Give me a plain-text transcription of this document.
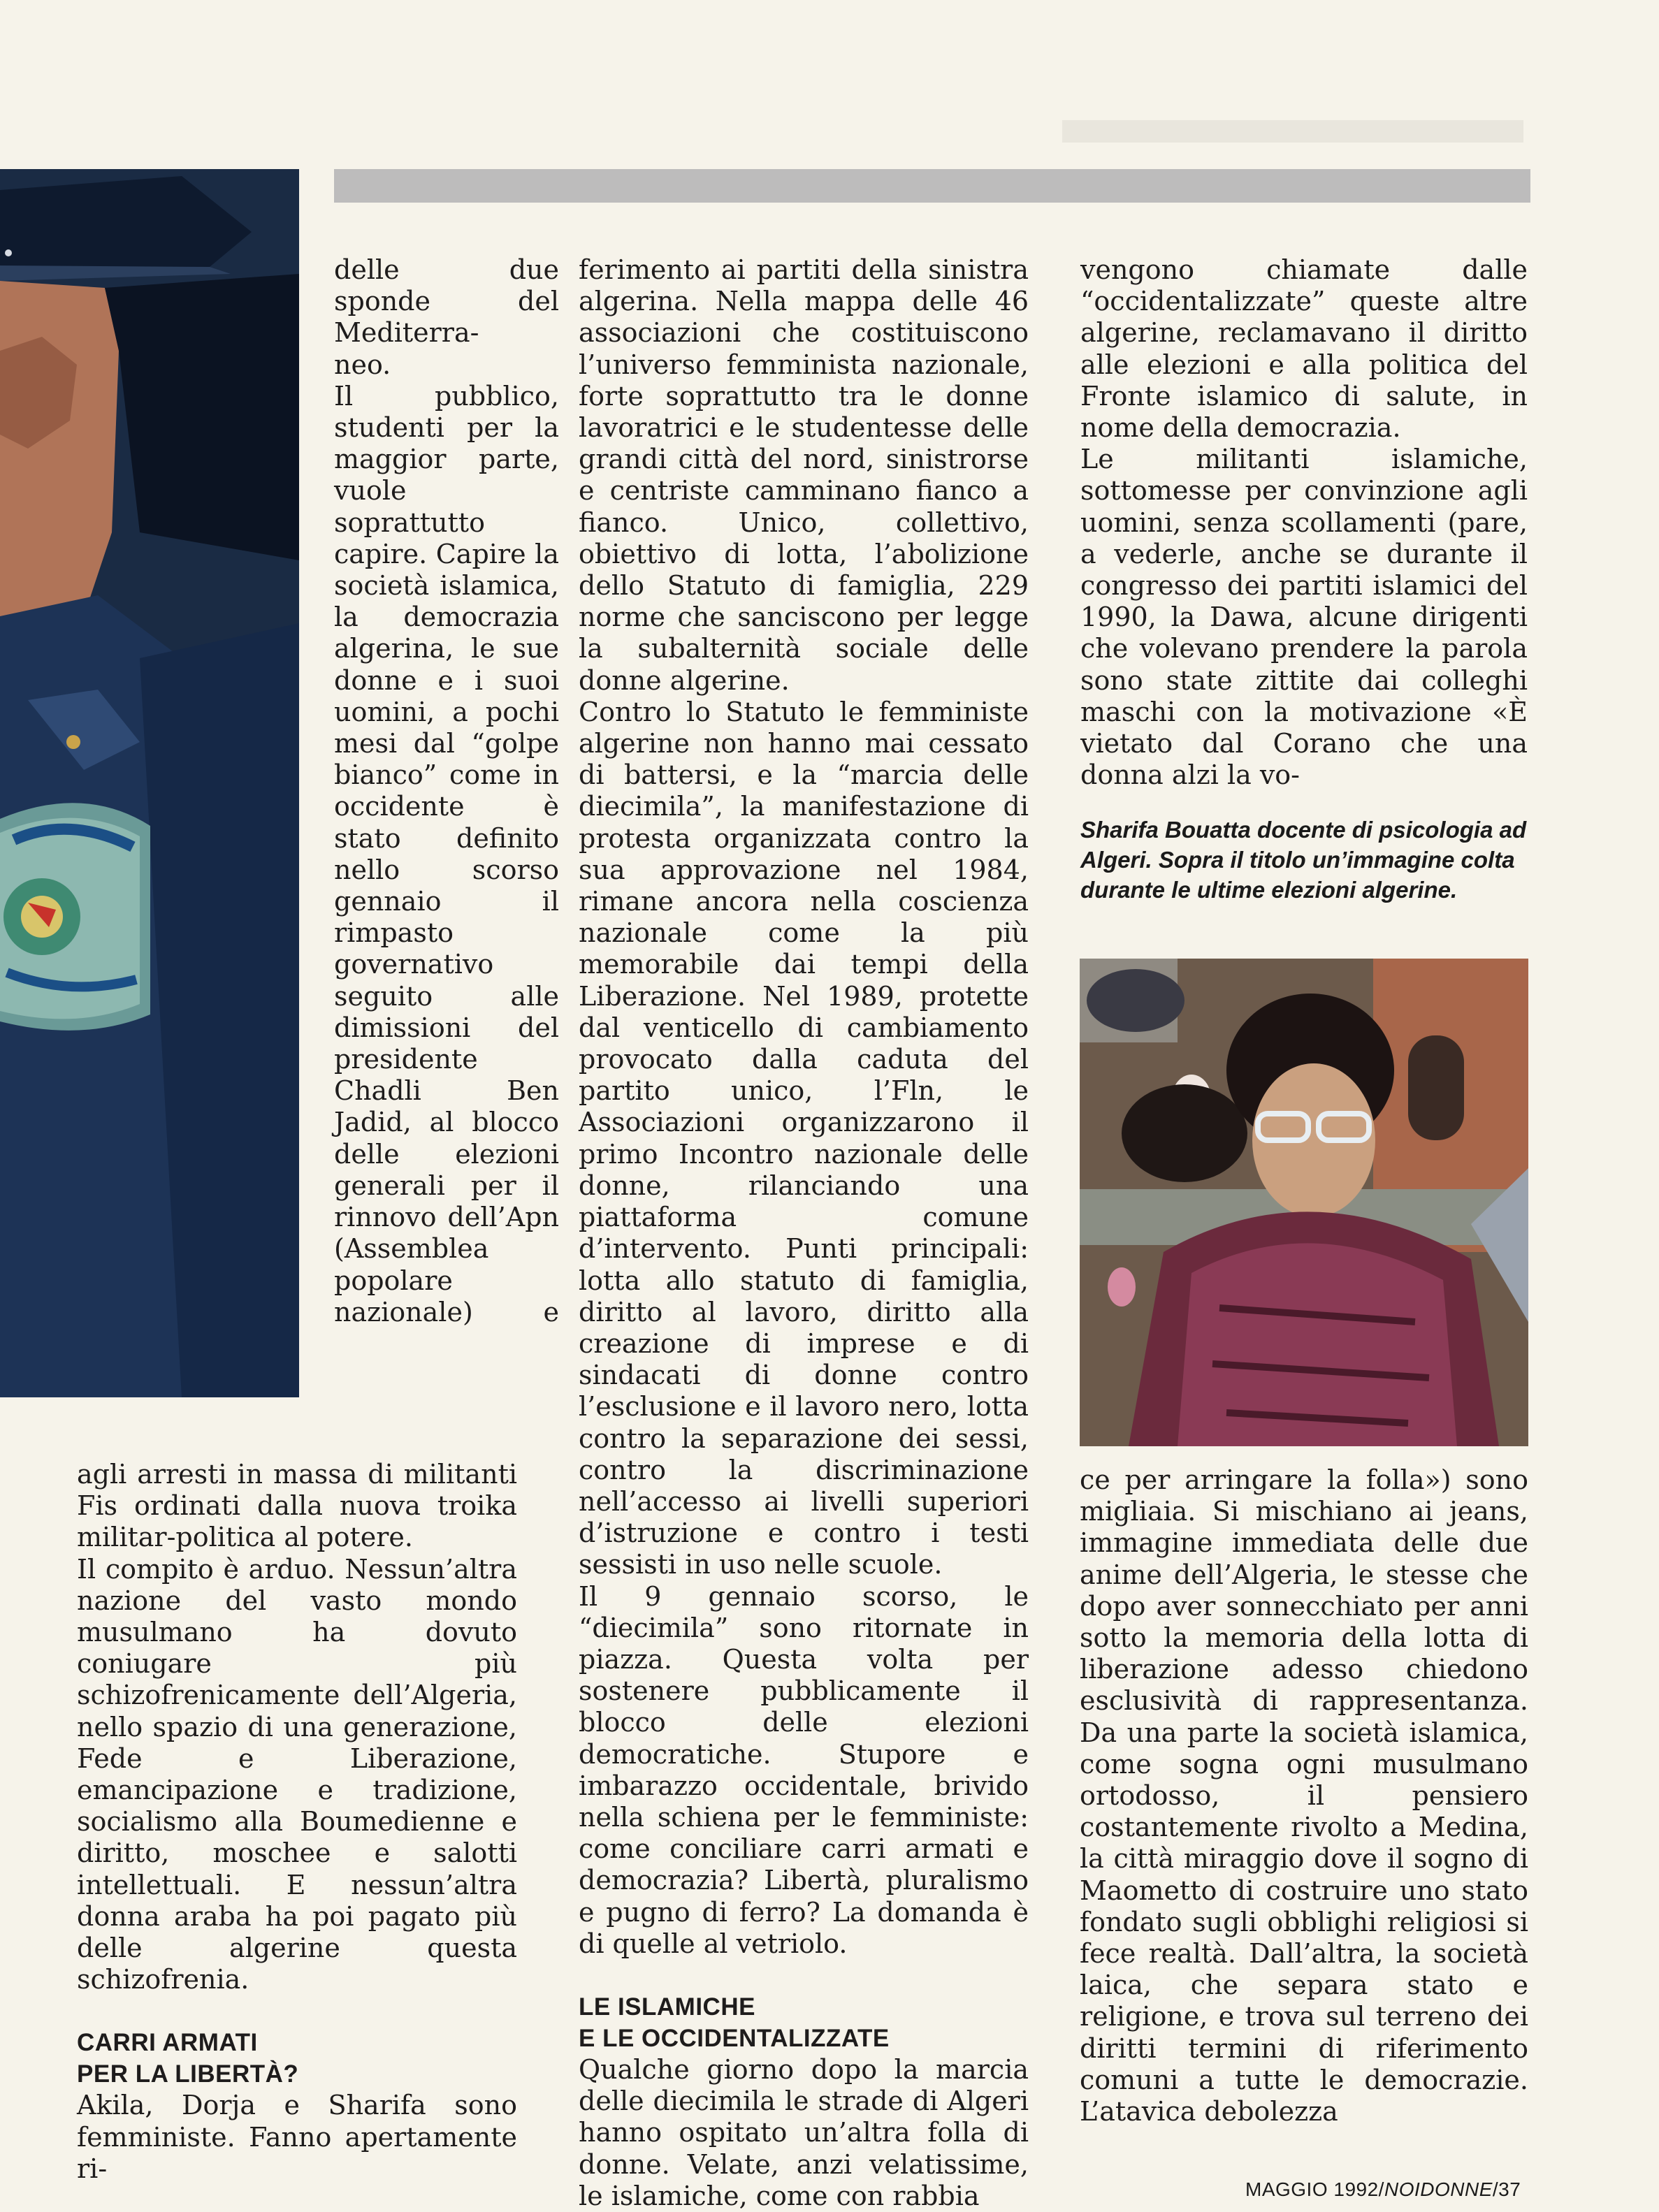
delle due sponde del Mediterra-

neo.

Il pubblico, studenti per la maggior parte, vuole soprattutto capire. Capire la società islamica, la democrazia algerina, le sue donne e i suoi uomini, a pochi mesi dal “golpe bianco” come in occidente è stato definito nello scorso gennaio il rimpasto governativo seguito alle dimissioni del presidente Chadli Ben Jadid, al blocco delle elezioni generali per il rinnovo dell’Apn (Assemblea popolare nazionale) e

agli arresti in massa di militanti Fis ordinati dalla nuova troika militar-politica al potere.

Il compito è arduo. Nessun’altra nazione del vasto mondo musulmano ha dovuto coniugare più schizofrenicamente dell’Algeria, nello spazio di una generazione, Fede e Liberazione, emancipazione e tradizione, socialismo alla Boumedienne e diritto, moschee e salotti intellettuali. E nessun’altra donna araba ha poi pagato più delle algerine questa schizofrenia.

CARRI ARMATI

PER LA LIBERTÀ?

Akila, Dorja e Sharifa sono femministe. Fanno apertamente ri-

ferimento ai partiti della sinistra algerina. Nella mappa delle 46 associazioni che costituiscono l’universo femminista nazionale, forte soprattutto tra le donne lavoratrici e le studentesse delle grandi città del nord, sinistrorse e centriste camminano fianco a fianco. Unico, collettivo, obiettivo di lotta, l’abolizione dello Statuto di famiglia, 229 norme che sanciscono per legge la subalternità sociale delle donne algerine.

Contro lo Statuto le femministe algerine non hanno mai cessato di battersi, e la “marcia delle diecimila”, la manifestazione di protesta organizzata contro la sua approvazione nel 1984, rimane ancora nella coscienza nazionale come la più memorabile dai tempi della Liberazione. Nel 1989, protette dal venticello di cambiamento provocato dalla caduta del partito unico, l’Fln, le Associazioni organizzarono il primo Incontro nazionale delle donne, rilanciando una piattaforma comune d’intervento. Punti principali: lotta allo statuto di famiglia, diritto al lavoro, diritto alla creazione di imprese e di sindacati di donne contro l’esclusione e il lavoro nero, lotta contro la separazione dei sessi, contro la discriminazione nell’accesso ai livelli superiori d’istruzione e contro i testi sessisti in uso nelle scuole.

Il 9 gennaio scorso, le “diecimila” sono ritornate in piazza. Questa volta per sostenere pubblicamente il blocco delle elezioni democratiche. Stupore e imbarazzo occidentale, brivido nella schiena per le femministe: come conciliare carri armati e democrazia? Libertà, pluralismo e pugno di ferro? La domanda è di quelle al vetriolo.

LE ISLAMICHE

E LE OCCIDENTALIZZATE

Qualche giorno dopo la marcia delle diecimila le strade di Algeri hanno ospitato un’altra folla di donne. Velate, anzi velatissime, le islamiche, come con rabbia

vengono chiamate dalle “occidentalizzate” queste altre algerine, reclamavano il diritto alle elezioni e alla politica del Fronte islamico di salute, in nome della democrazia.

Le militanti islamiche, sottomesse per convinzione agli uomini, senza scollamenti (pare, a vederle, anche se durante il congresso dei partiti islamici del 1990, la Dawa, alcune dirigenti che volevano prendere la parola sono state zittite dai colleghi maschi con la motivazione «È vietato dal Corano che una donna alzi la vo-

Sharifa Bouatta docente di psicologia ad Algeri. Sopra il titolo un’immagine colta durante le ultime elezioni algerine.

ce per arringare la folla») sono migliaia. Si mischiano ai jeans, immagine immediata delle due anime dell’Algeria, le stesse che dopo aver sonnecchiato per anni sotto la memoria della lotta di liberazione adesso chiedono esclusività di rappresentanza. Da una parte la società islamica, come sogna ogni musulmano ortodosso, il pensiero costantemente rivolto a Medina, la città miraggio dove il sogno di Maometto di costruire uno stato fondato sugli obblighi religiosi si fece realtà. Dall’altra, la società laica, che separa stato e religione, e trova sul terreno dei diritti termini di riferimento comuni a tutte le democrazie. L’atavica debolezza

MAGGIO 1992/NOIDONNE/37
